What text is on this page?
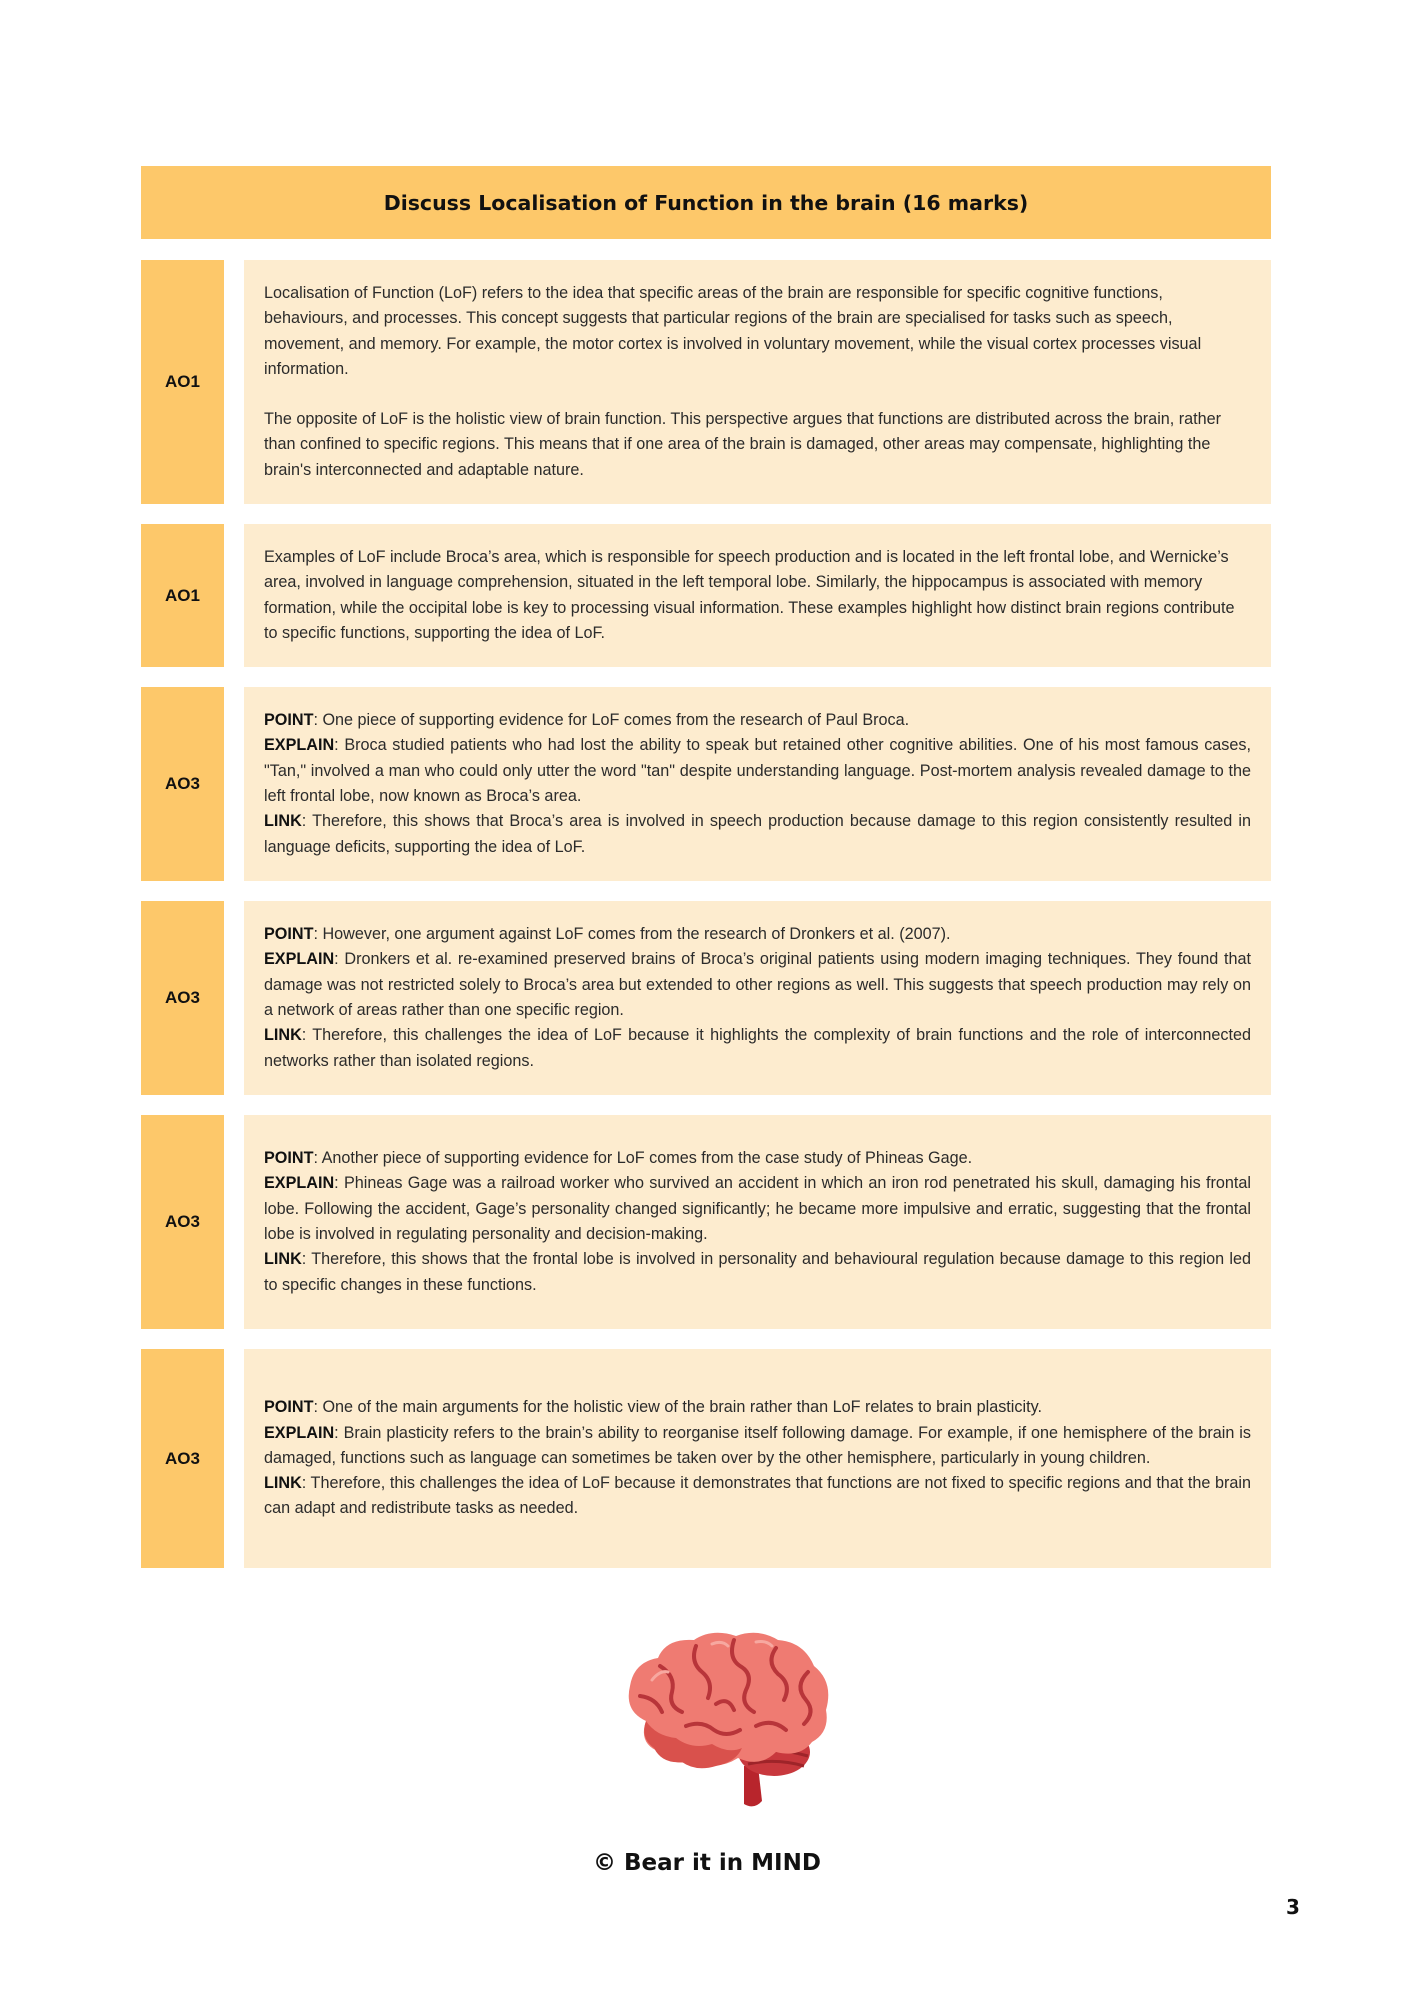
Discuss Localisation of Function in the brain (16 marks)
AO1

Localisation of Function (LoF) refers to the idea that specific areas of the brain are responsible for specific cognitive functions, behaviours, and processes. This concept suggests that particular regions of the brain are specialised for tasks such as speech, movement, and memory. For example, the motor cortex is involved in voluntary movement, while the visual cortex processes visual information.

The opposite of LoF is the holistic view of brain function. This perspective argues that functions are distributed across the brain, rather than confined to specific regions. This means that if one area of the brain is damaged, other areas may compensate, highlighting the brain's interconnected and adaptable nature.

AO1

Examples of LoF include Broca’s area, which is responsible for speech production and is located in the left frontal lobe, and Wernicke’s area, involved in language comprehension, situated in the left temporal lobe. Similarly, the hippocampus is associated with memory formation, while the occipital lobe is key to processing visual information. These examples highlight how distinct brain regions contribute to specific functions, supporting the idea of LoF.

AO3

POINT: One piece of supporting evidence for LoF comes from the research of Paul Broca.
EXPLAIN: Broca studied patients who had lost the ability to speak but retained other cognitive abilities. One of his most famous cases, "Tan," involved a man who could only utter the word "tan" despite understanding language. Post-mortem analysis revealed damage to the left frontal lobe, now known as Broca’s area.
LINK: Therefore, this shows that Broca’s area is involved in speech production because damage to this region consistently resulted in language deficits, supporting the idea of LoF.

AO3

POINT: However, one argument against LoF comes from the research of Dronkers et al. (2007).
EXPLAIN: Dronkers et al. re-examined preserved brains of Broca’s original patients using modern imaging techniques. They found that damage was not restricted solely to Broca’s area but extended to other regions as well. This suggests that speech production may rely on a network of areas rather than one specific region.
LINK: Therefore, this challenges the idea of LoF because it highlights the complexity of brain functions and the role of interconnected networks rather than isolated regions.

AO3

POINT: Another piece of supporting evidence for LoF comes from the case study of Phineas Gage.
EXPLAIN: Phineas Gage was a railroad worker who survived an accident in which an iron rod penetrated his skull, damaging his frontal lobe. Following the accident, Gage’s personality changed significantly; he became more impulsive and erratic, suggesting that the frontal lobe is involved in regulating personality and decision-making.
LINK: Therefore, this shows that the frontal lobe is involved in personality and behavioural regulation because damage to this region led to specific changes in these functions.

AO3

POINT: One of the main arguments for the holistic view of the brain rather than LoF relates to brain plasticity.
EXPLAIN: Brain plasticity refers to the brain’s ability to reorganise itself following damage. For example, if one hemisphere of the brain is damaged, functions such as language can sometimes be taken over by the other hemisphere, particularly in young children.
LINK: Therefore, this challenges the idea of LoF because it demonstrates that functions are not fixed to specific regions and that the brain can adapt and redistribute tasks as needed.

© Bear it in MIND
3
